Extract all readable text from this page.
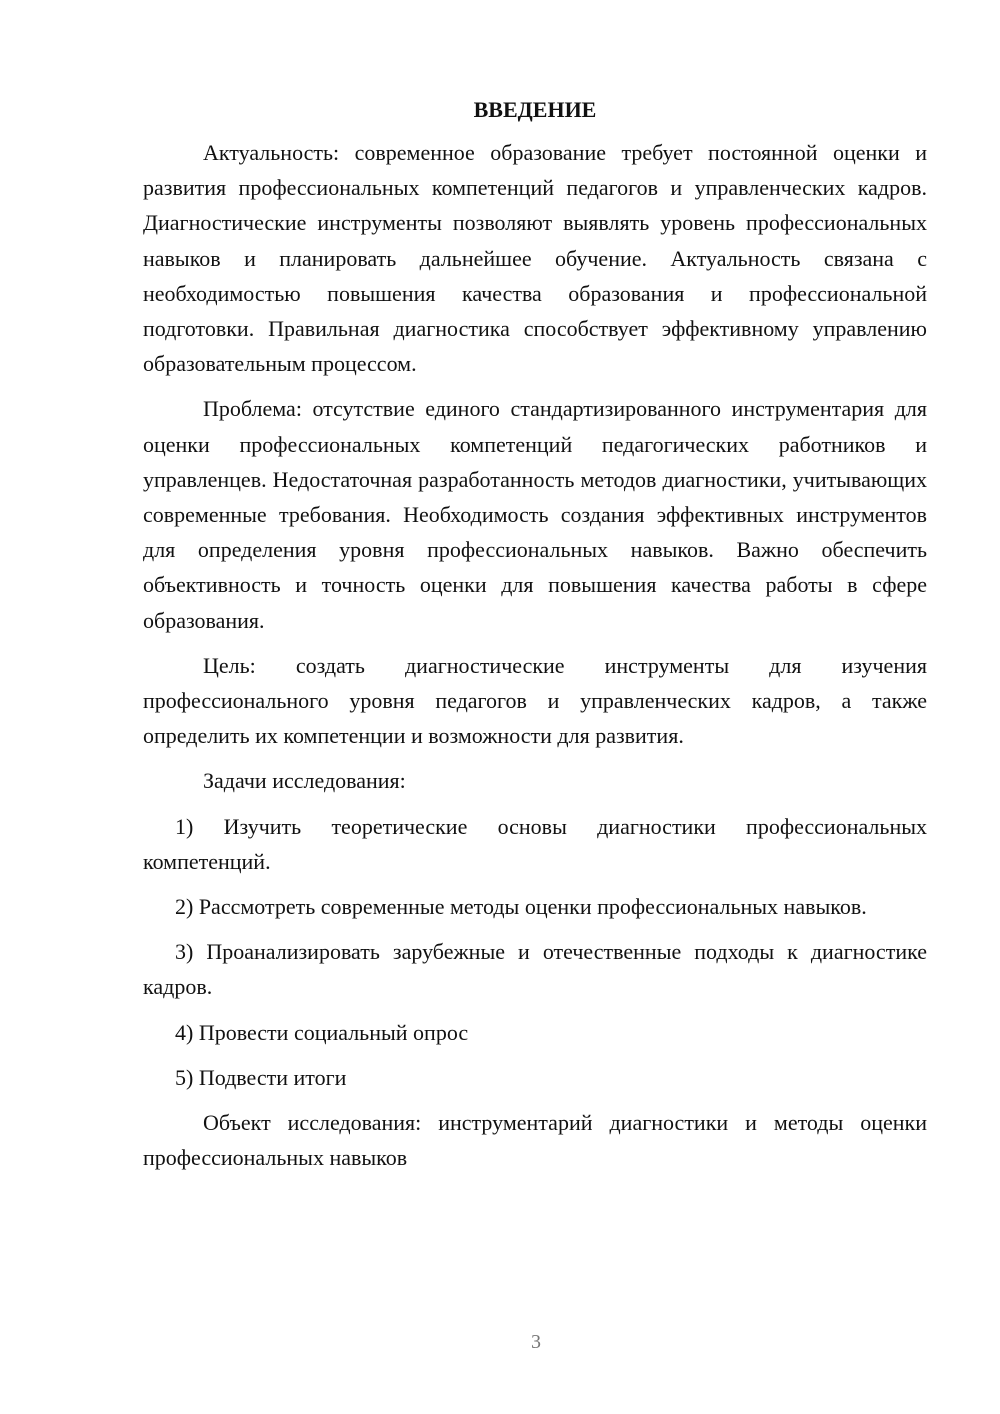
ВВЕДЕНИЕ

Актуальность: современное образование требует постоянной оценки и развития профессиональных компетенций педагогов и управленческих кадров. Диагностические инструменты позволяют выявлять уровень профессиональных навыков и планировать дальнейшее обучение. Актуальность связана с необходимостью повышения качества образования и профессиональной подготовки. Правильная диагностика способствует эффективному управлению образовательным процессом.

Проблема: отсутствие единого стандартизированного инструментария для оценки профессиональных компетенций педагогических работников и управленцев. Недостаточная разработанность методов диагностики, учитывающих современные требования. Необходимость создания эффективных инструментов для определения уровня профессиональных навыков. Важно обеспечить объективность и точность оценки для повышения качества работы в сфере образования.

Цель: создать диагностические инструменты для изучения профессионального уровня педагогов и управленческих кадров, а также определить их компетенции и возможности для развития.

Задачи исследования:

1) Изучить теоретические основы диагностики профессиональных компетенций.

2) Рассмотреть современные методы оценки профессиональных навыков.

3) Проанализировать зарубежные и отечественные подходы к диагностике кадров.

4) Провести социальный опрос

5) Подвести итоги

Объект исследования: инструментарий диагностики и методы оценки профессиональных навыков

3
